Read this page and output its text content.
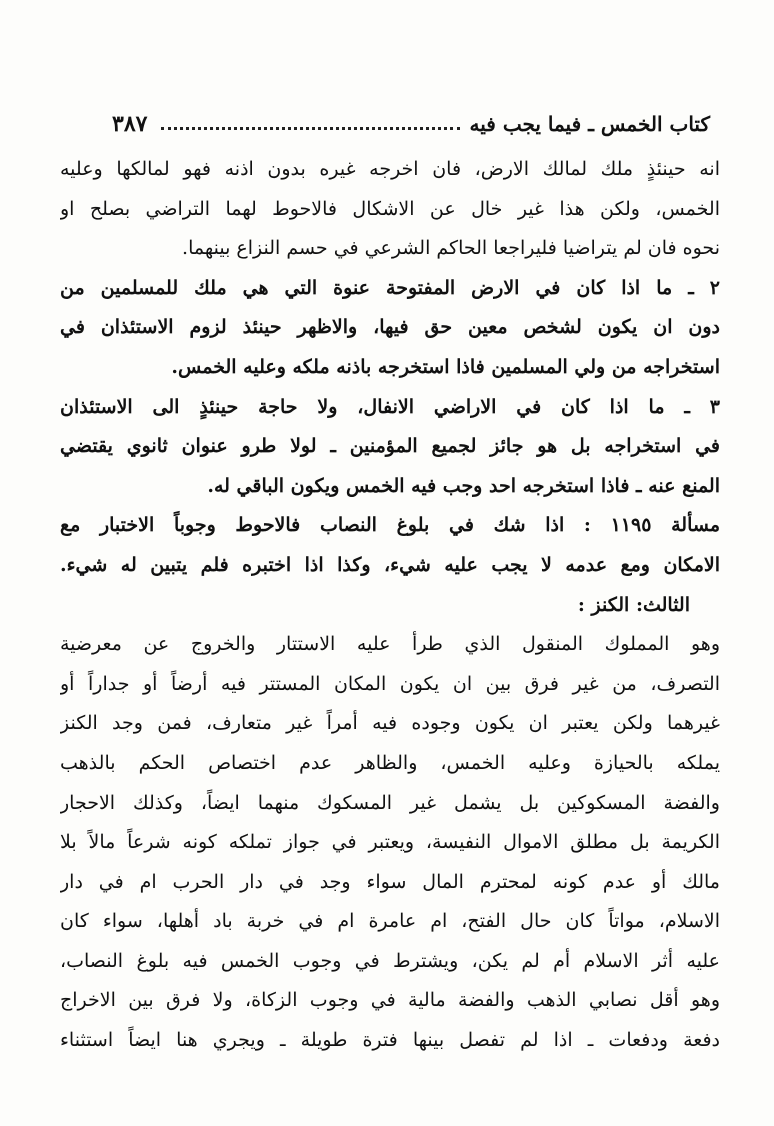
كتاب الخمس ـ فيما يجب فيه
٣٨٧
انه حينئذٍ ملك لمالك الارض، فان اخرجه غيره بدون اذنه فهو لمالكها وعليه
الخمس، ولكن هذا غير خال عن الاشكال فالاحوط لهما التراضي بصلح او
نحوه فان لم يتراضيا فليراجعا الحاكم الشرعي في حسم النزاع بينهما.
٢ ـ ما اذا كان في الارض المفتوحة عنوة التي هي ملك للمسلمين من
دون ان يكون لشخص معين حق فيها، والاظهر حينئذ لزوم الاستئذان في
استخراجه من ولي المسلمين فاذا استخرجه باذنه ملكه وعليه الخمس.
٣ ـ ما اذا كان في الاراضي الانفال، ولا حاجة حينئذٍ الى الاستئذان
في استخراجه بل هو جائز لجميع المؤمنين ـ لولا طرو عنوان ثانوي يقتضي
المنع عنه ـ فاذا استخرجه احد وجب فيه الخمس ويكون الباقي له.
مسألة ١١٩٥ : اذا شك في بلوغ النصاب فالاحوط وجوباً الاختبار مع
الامكان ومع عدمه لا يجب عليه شيء، وكذا اذا اختبره فلم يتبين له شيء.
الثالث: الكنز :
وهو المملوك المنقول الذي طرأ عليه الاستتار والخروج عن معرضية
التصرف، من غير فرق بين ان يكون المكان المستتر فيه أرضاً أو جداراً أو
غيرهما ولكن يعتبر ان يكون وجوده فيه أمراً غير متعارف، فمن وجد الكنز
يملكه بالحيازة وعليه الخمس، والظاهر عدم اختصاص الحكم بالذهب
والفضة المسكوكين بل يشمل غير المسكوك منهما ايضاً، وكذلك الاحجار
الكريمة بل مطلق الاموال النفيسة، ويعتبر في جواز تملكه كونه شرعاً مالاً بلا
مالك أو عدم كونه لمحترم المال سواء وجد في دار الحرب ام في دار
الاسلام، مواتاً كان حال الفتح، ام عامرة ام في خربة باد أهلها، سواء كان
عليه أثر الاسلام أم لم يكن، ويشترط في وجوب الخمس فيه بلوغ النصاب،
وهو أقل نصابي الذهب والفضة مالية في وجوب الزكاة، ولا فرق بين الاخراج
دفعة ودفعات ـ اذا لم تفصل بينها فترة طويلة ـ ويجري هنا ايضاً استثناء
